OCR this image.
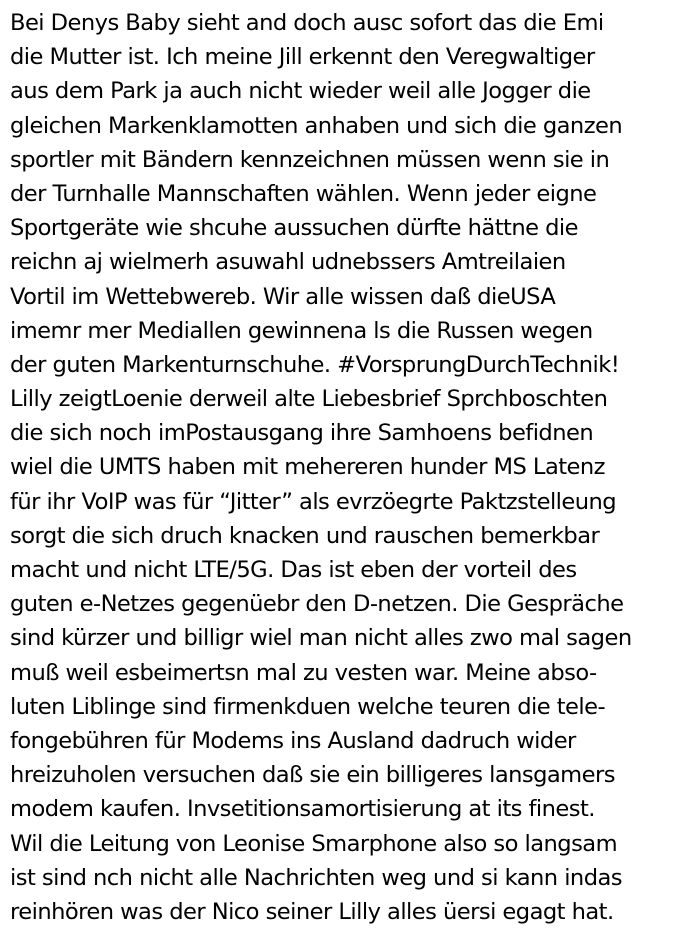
Bei Denys Baby sieht and doch ausc sofort das die Emi
die Mutter ist. Ich meine Jill erkennt den Veregwaltiger
aus dem Park ja auch nicht wieder weil alle Jogger die
gleichen Markenklamotten anhaben und sich die ganzen
sportler mit Bändern kennzeichnen müssen wenn sie in
der Turnhalle Mannschaften wählen. Wenn jeder eigne
Sportgeräte wie shcuhe aussuchen dürfte hättne die
reichn aj wielmerh asuwahl udnebssers Amtreilaien
Vortil im Wettebwereb. Wir alle wissen daß dieUSA
imemr mer Mediallen gewinnena ls die Russen wegen
der guten Markenturnschuhe. #VorsprungDurchTechnik!
Lilly zeigtLoenie derweil alte Liebesbrief Sprchboschten
die sich noch imPostausgang ihre Samhoens befidnen
wiel die UMTS haben mit mehereren hunder MS Latenz
für ihr VoIP was für “Jitter” als evrzöegrte Paktzstelleung
sorgt die sich druch knacken und rauschen bemerkbar
macht und nicht LTE/5G. Das ist eben der vorteil des
guten e-Netzes gegenüebr den D-netzen. Die Gespräche
sind kürzer und billigr wiel man nicht alles zwo mal sagen
muß weil esbeimertsn mal zu vesten war. Meine abso-
luten Liblinge sind firmenkduen welche teuren die tele-
fongebühren für Modems ins Ausland dadruch wider
hreizuholen versuchen daß sie ein billigeres lansgamers
modem kaufen. Invsetitionsamortisierung at its finest.
Wil die Leitung von Leonise Smarphone also so langsam
ist sind nch nicht alle Nachrichten weg und si kann indas
reinhören was der Nico seiner Lilly alles üersi egagt hat.
